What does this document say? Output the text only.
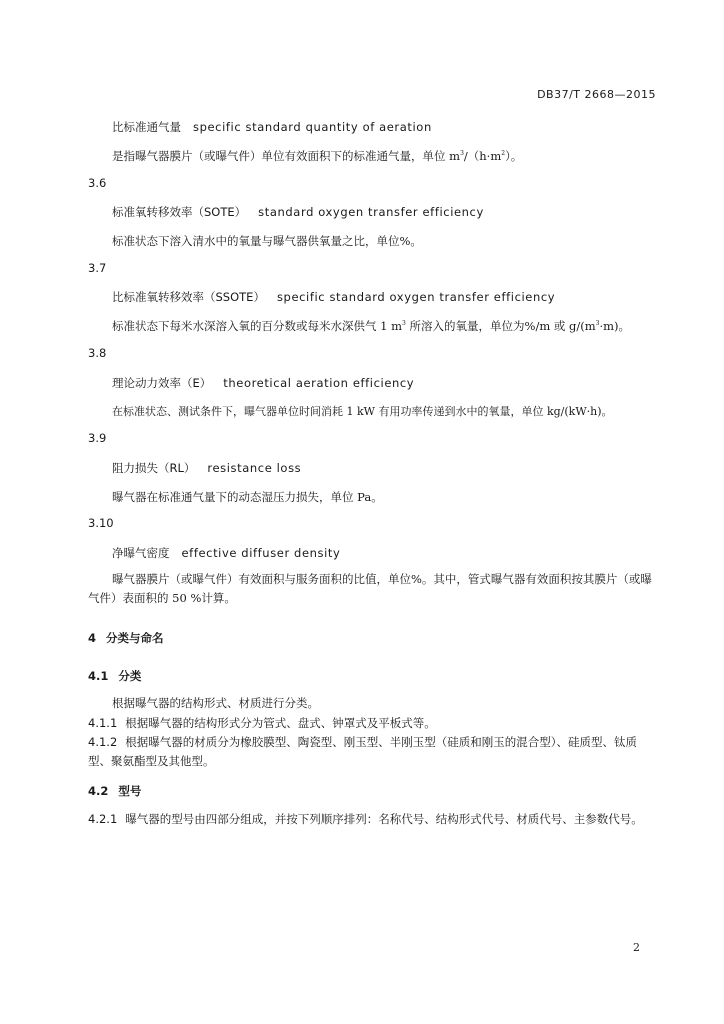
DB37/T 2668—2015
比标准通气量 specific standard quantity of aeration
是指曝气器膜片（或曝气件）单位有效面积下的标准通气量，单位 $m^3/(h\cdot m^2)$。
3.6
标准氧转移效率（SOTE） standard oxygen transfer efficiency
标准状态下溶入清水中的氧量与曝气器供氧量之比，单位%。
3.7
比标准氧转移效率（SSOTE） specific standard oxygen transfer efficiency
标准状态下每米水深溶入氧的百分数或每米水深供气 1 $m^3$ 所溶入的氧量，单位为%/m 或 $g/(m^3\cdot m)$。
3.8
理论动力效率（E） theoretical aeration efficiency
在标准状态、测试条件下，曝气器单位时间消耗 1 kW 有用功率传递到水中的氧量，单位 kg/(kW·h)。
3.9
阻力损失（RL） resistance loss
曝气器在标准通气量下的动态湿压力损失，单位 Pa。
3.10
净曝气密度 effective diffuser density
曝气器膜片（或曝气件）有效面积与服务面积的比值，单位%。其中，管式曝气器有效面积按其膜片（或曝气件）表面积的 50 %计算。
4 分类与命名
4.1 分类
根据曝气器的结构形式、材质进行分类。
4.1.1 根据曝气器的结构形式分为管式、盘式、钟罩式及平板式等。
4.1.2 根据曝气器的材质分为橡胶膜型、陶瓷型、刚玉型、半刚玉型（硅质和刚玉的混合型）、硅质型、钛质型、聚氨酯型及其他型。
4.2 型号
4.2.1 曝气器的型号由四部分组成，并按下列顺序排列：名称代号、结构形式代号、材质代号、主参数代号。
2
